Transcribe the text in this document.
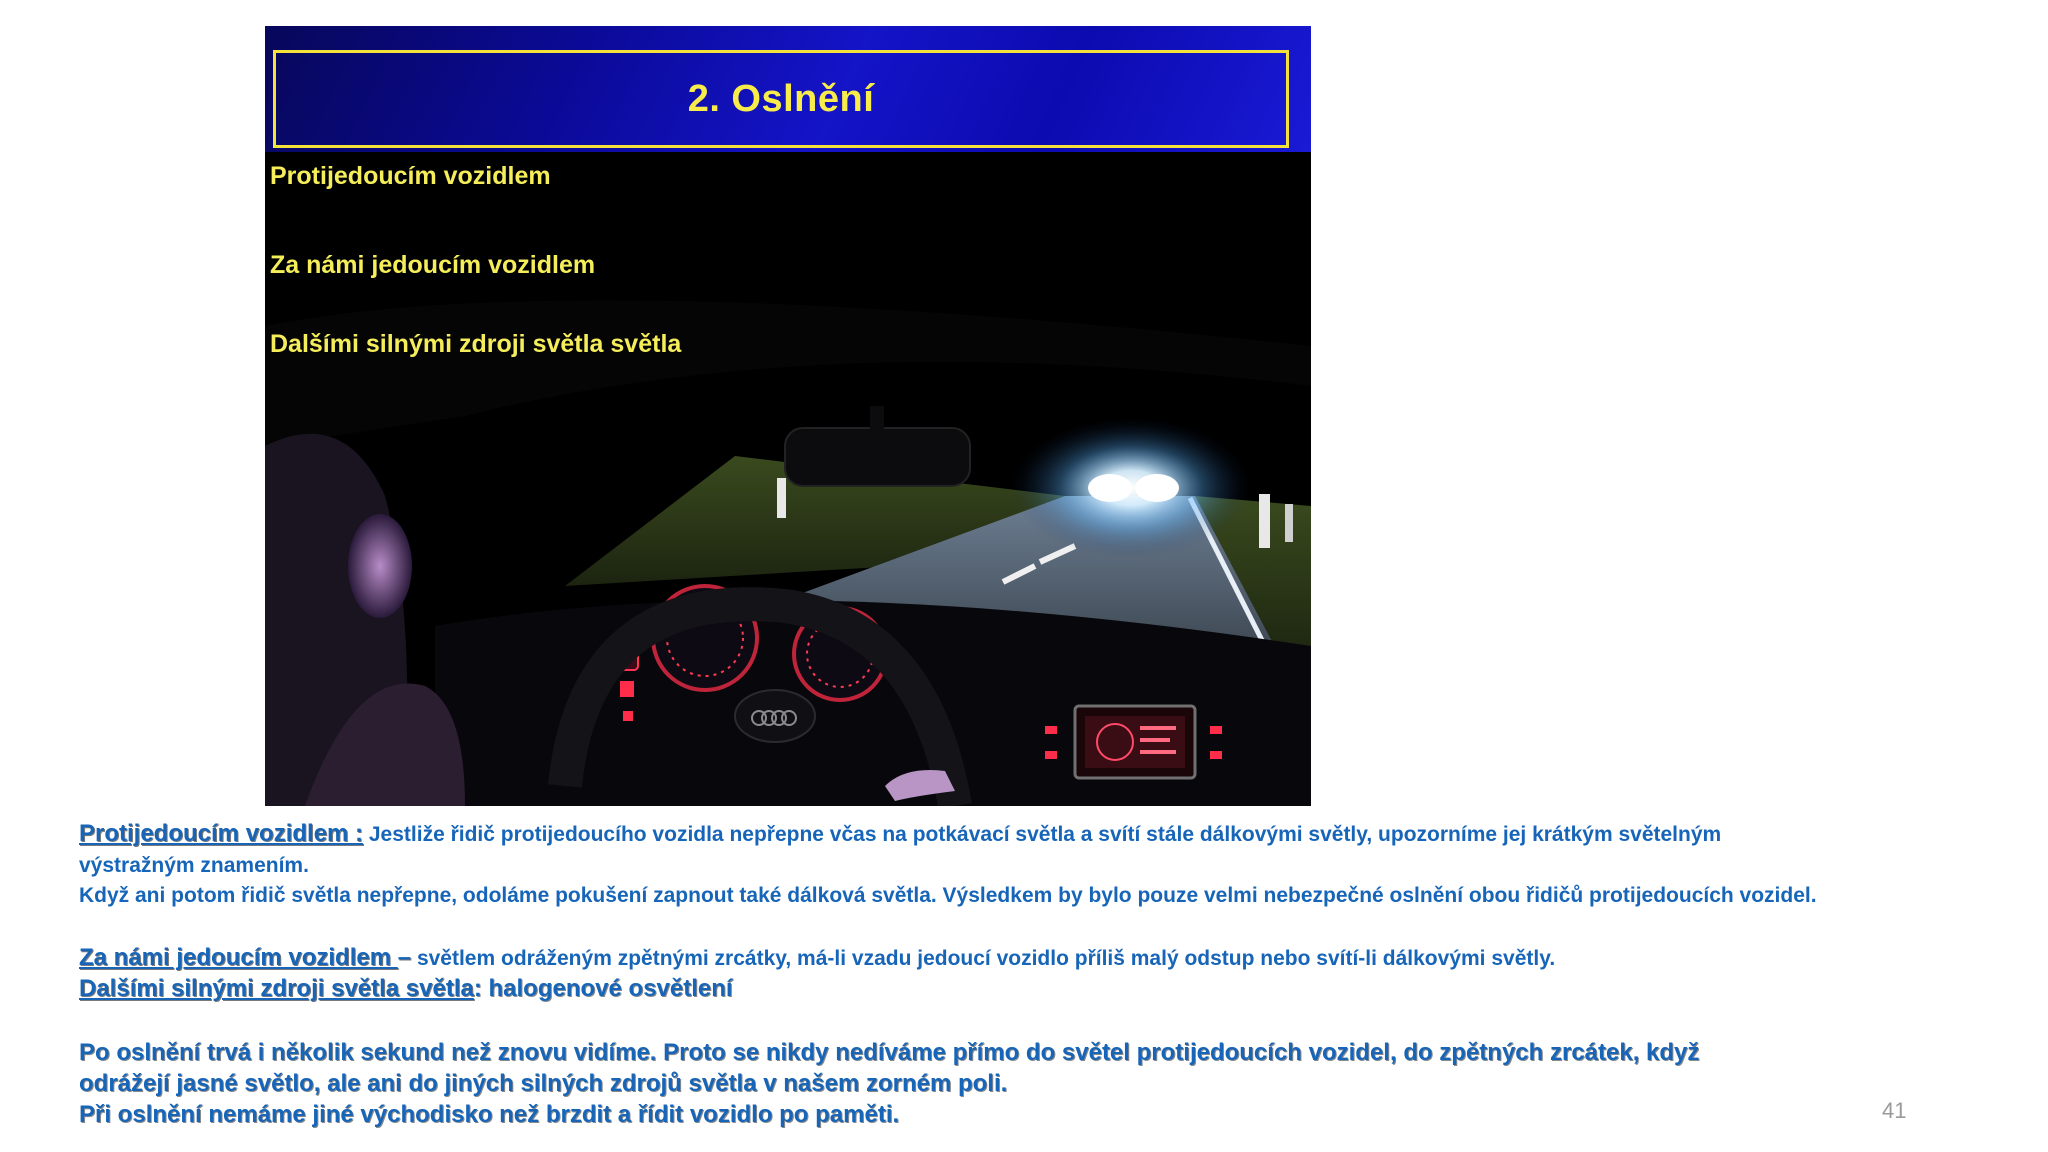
2. Oslnění
Protijedoucím vozidlem
Za námi jedoucím vozidlem
Dalšími silnými zdroji světla světla
Protijedoucím vozidlem : Jestliže řidič protijedoucího vozidla nepřepne včas na potkávací světla a svítí stále dálkovými světly, upozorníme jej krátkým světelným výstražným znamením.
Když ani potom řidič světla nepřepne, odoláme pokušení zapnout také dálková světla. Výsledkem by bylo pouze velmi nebezpečné oslnění obou řidičů protijedoucích vozidel.
Za námi jedoucím vozidlem – světlem odráženým zpětnými zrcátky, má-li vzadu jedoucí vozidlo příliš malý odstup nebo svítí-li dálkovými světly.
Dalšími silnými zdroji světla světla: halogenové osvětlení
Po oslnění trvá i několik sekund než znovu vidíme. Proto se nikdy nedíváme přímo do světel protijedoucích vozidel, do zpětných zrcátek, když
odrážejí jasné světlo, ale ani do jiných silných zdrojů světla v našem zorném poli.
Při oslnění nemáme jiné východisko než brzdit a řídit vozidlo po paměti.	41
